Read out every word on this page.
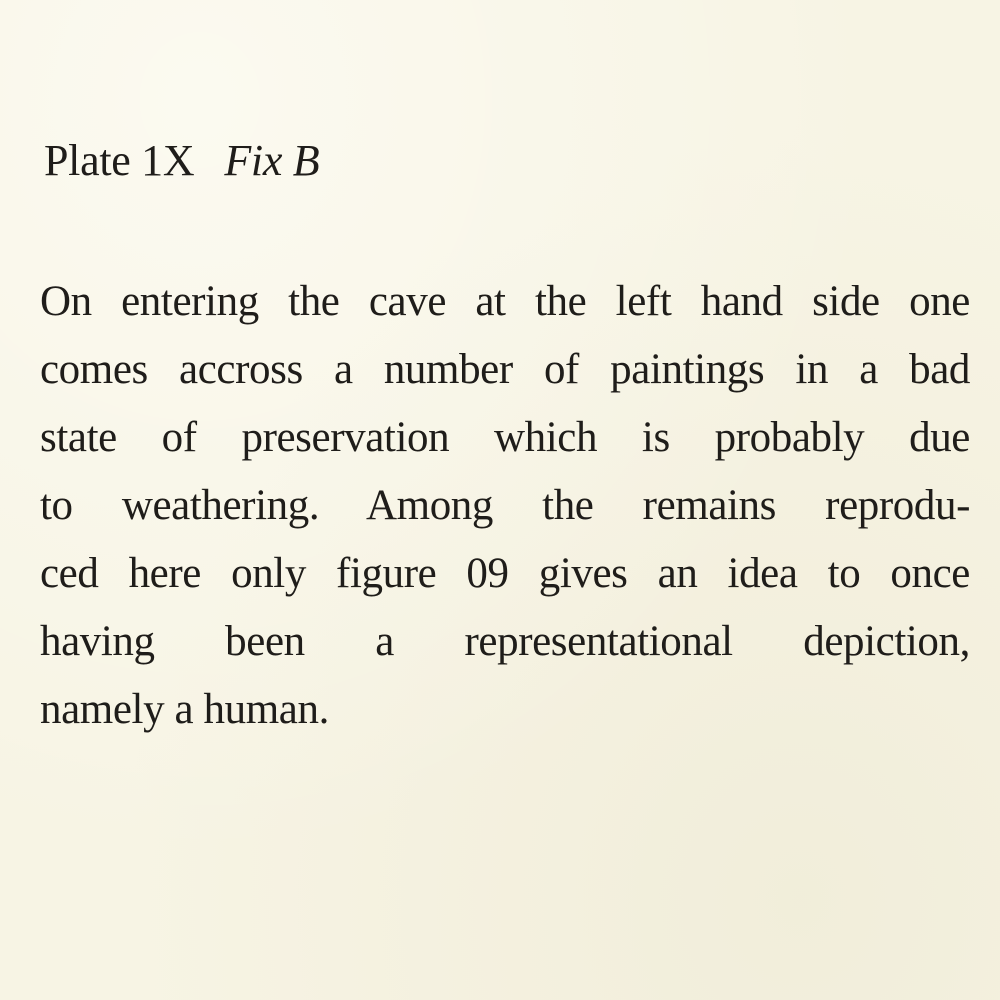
Plate 1X Fix B

On entering the cave at the left hand side one
comes accross a number of paintings in a bad
state of preservation which is probably due
to weathering. Among the remains reprodu-
ced here only figure 09 gives an idea to once
having been a representational depiction,
namely a human.
